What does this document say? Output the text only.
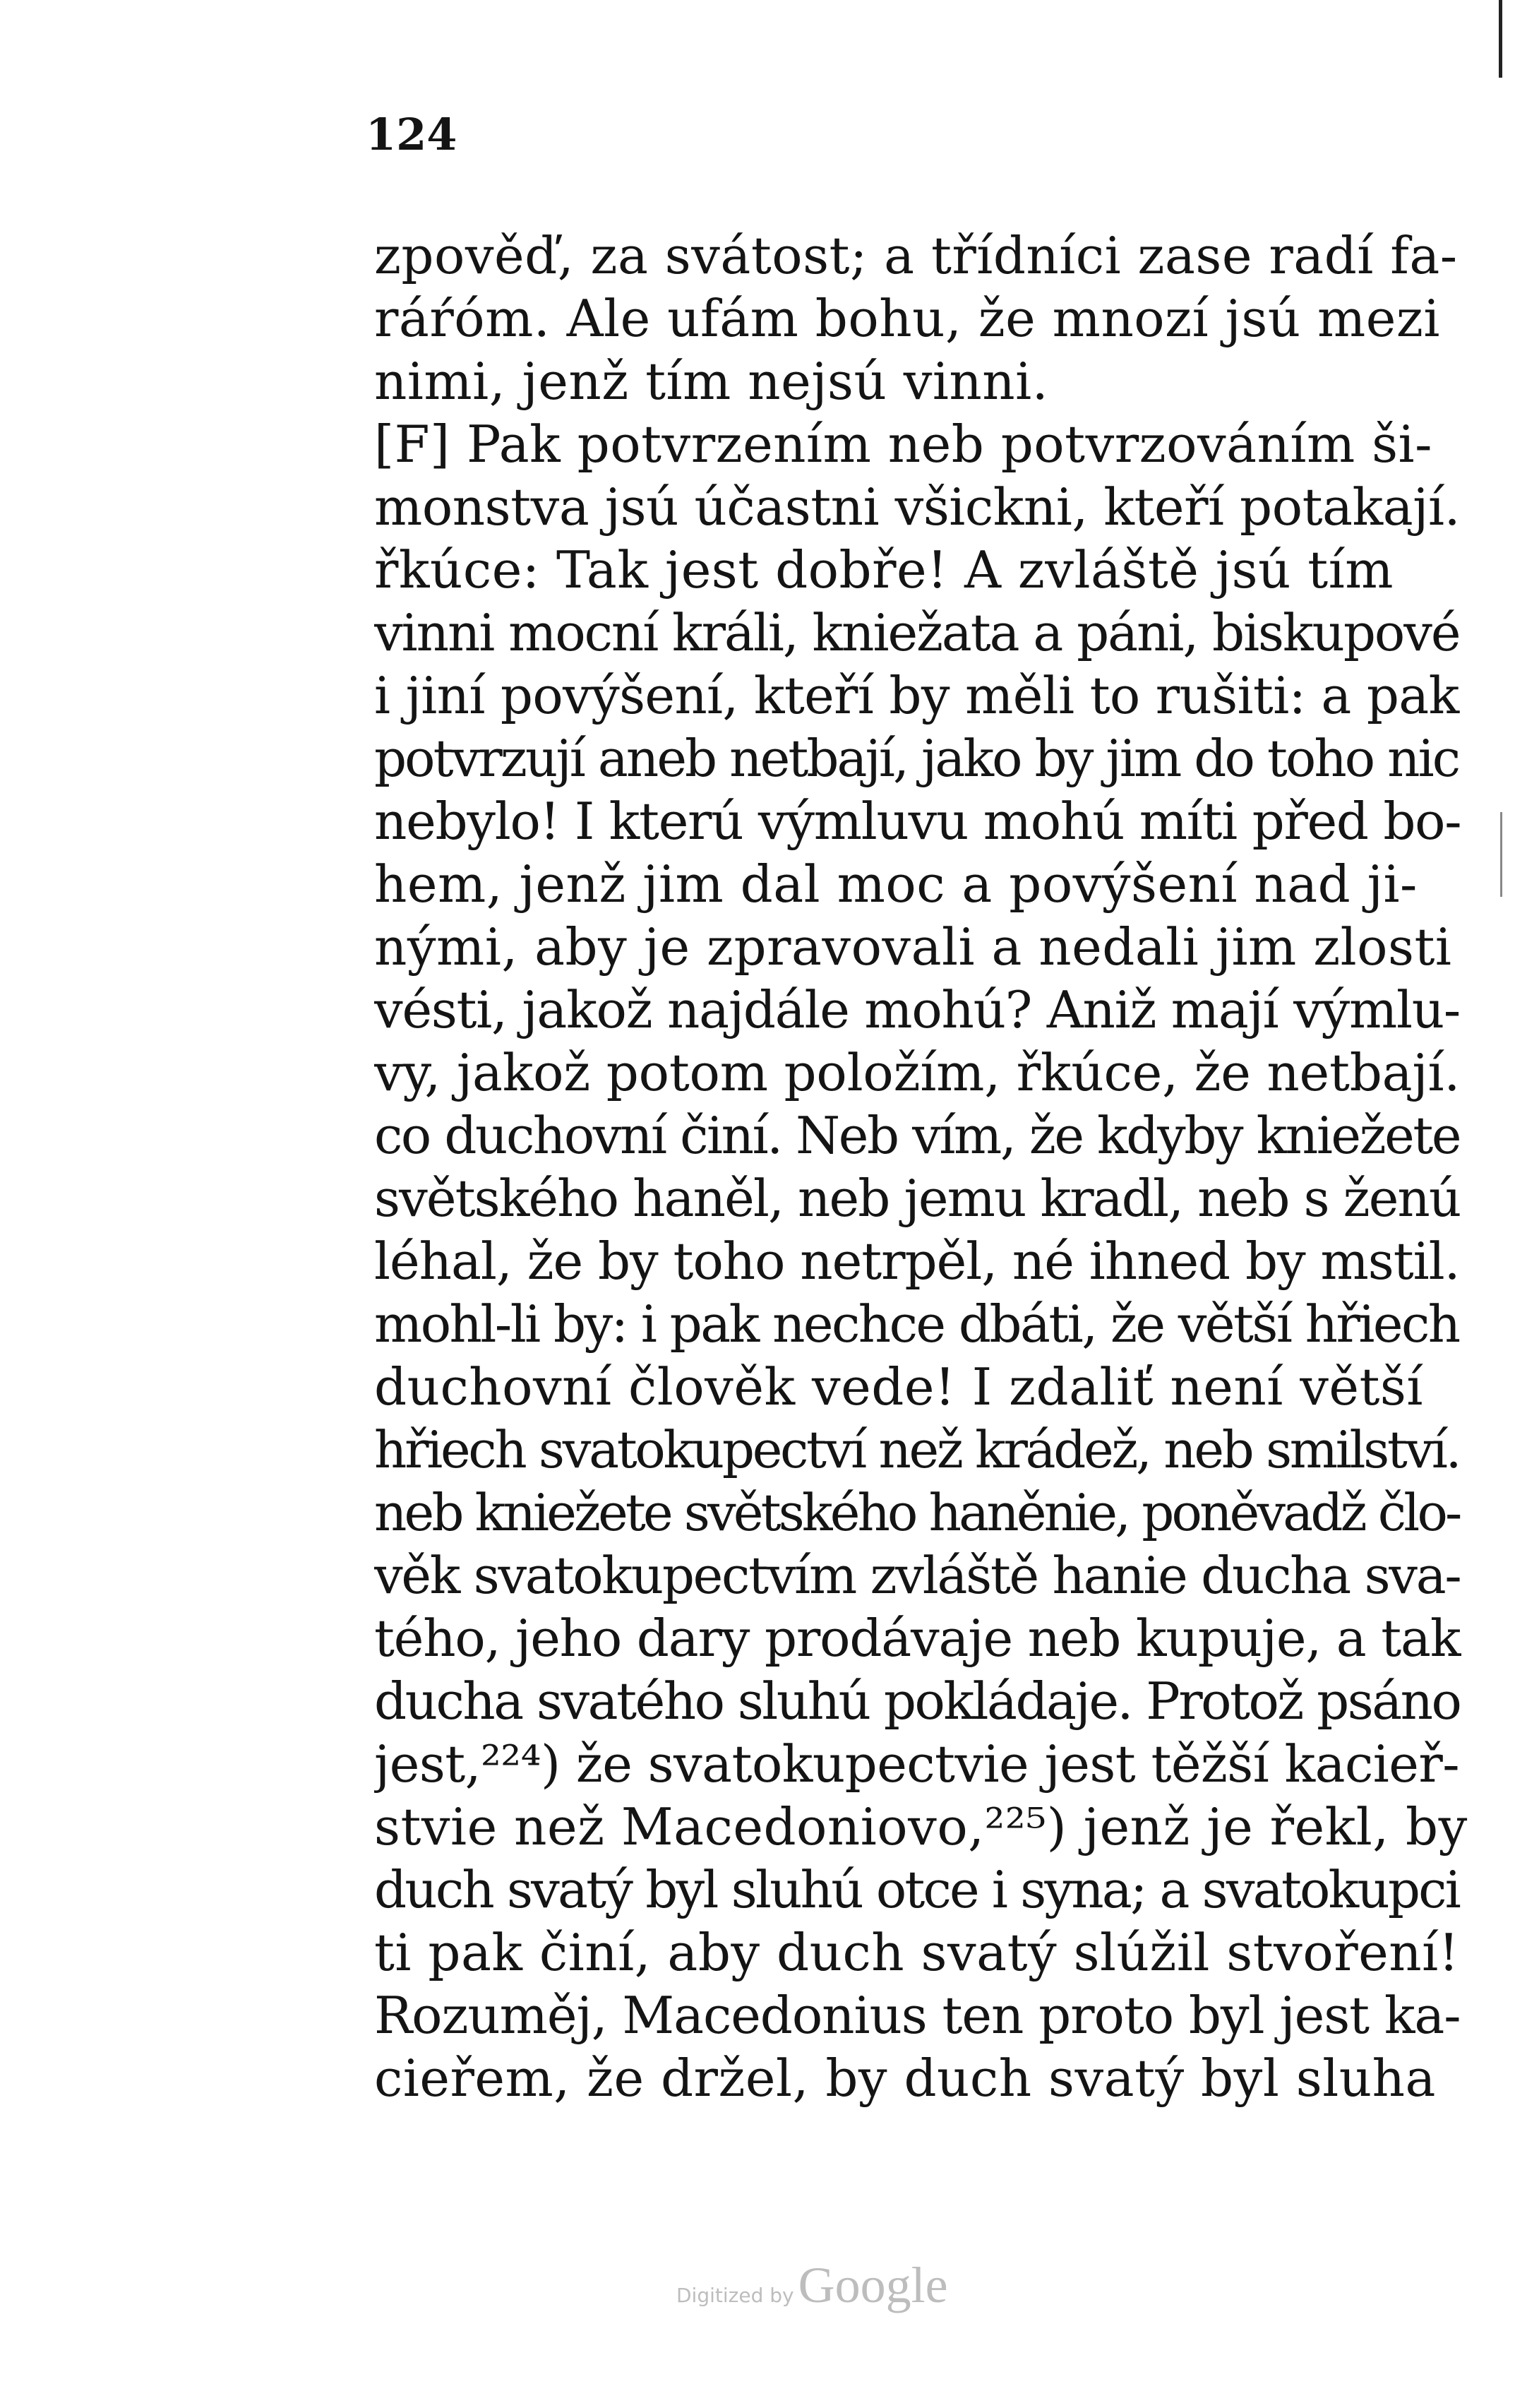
124
zpověď, za svátost; a třídníci zase radí fa-
ráŕóm. Ale ufám bohu, že mnozí jsú mezi
nimi, jenž tím nejsú vinni.
[F] Pak potvrzením neb potvrzováním ši-
monstva jsú účastni všickni, kteří potakají.
řkúce: Tak jest dobře! A zvláště jsú tím
vinni mocní králi, kniežata a páni, biskupové
i jiní povýšení, kteří by měli to rušiti: a pak
potvrzují aneb netbají, jako by jim do toho nic
nebylo! I kterú výmluvu mohú míti před bo-
hem, jenž jim dal moc a povýšení nad ji-
nými, aby je zpravovali a nedali jim zlosti
vésti, jakož najdále mohú? Aniž mají výmlu-
vy, jakož potom položím, řkúce, že netbají.
co duchovní činí. Neb vím, že kdyby kniežete
světského haněl, neb jemu kradl, neb s ženú
léhal, že by toho netrpěl, né ihned by mstil.
mohl-li by: i pak nechce dbáti, že větší hřiech
duchovní člověk vede! I zdaliť není větší
hřiech svatokupectví než krádež, neb smilství.
neb kniežete světského haněnie, poněvadž člo-
věk svatokupectvím zvláště hanie ducha sva-
tého, jeho dary prodávaje neb kupuje, a tak
ducha svatého sluhú pokládaje. Protož psáno
jest,²²⁴) že svatokupectvie jest těžší kacieř-
stvie než Macedoniovo,²²⁵) jenž je řekl, by
duch svatý byl sluhú otce i syna; a svatokupci
ti pak činí, aby duch svatý slúžil stvoření!
Rozuměj, Macedonius ten proto byl jest ka-
cieřem, že držel, by duch svatý byl sluha
Digitized byGoogle
